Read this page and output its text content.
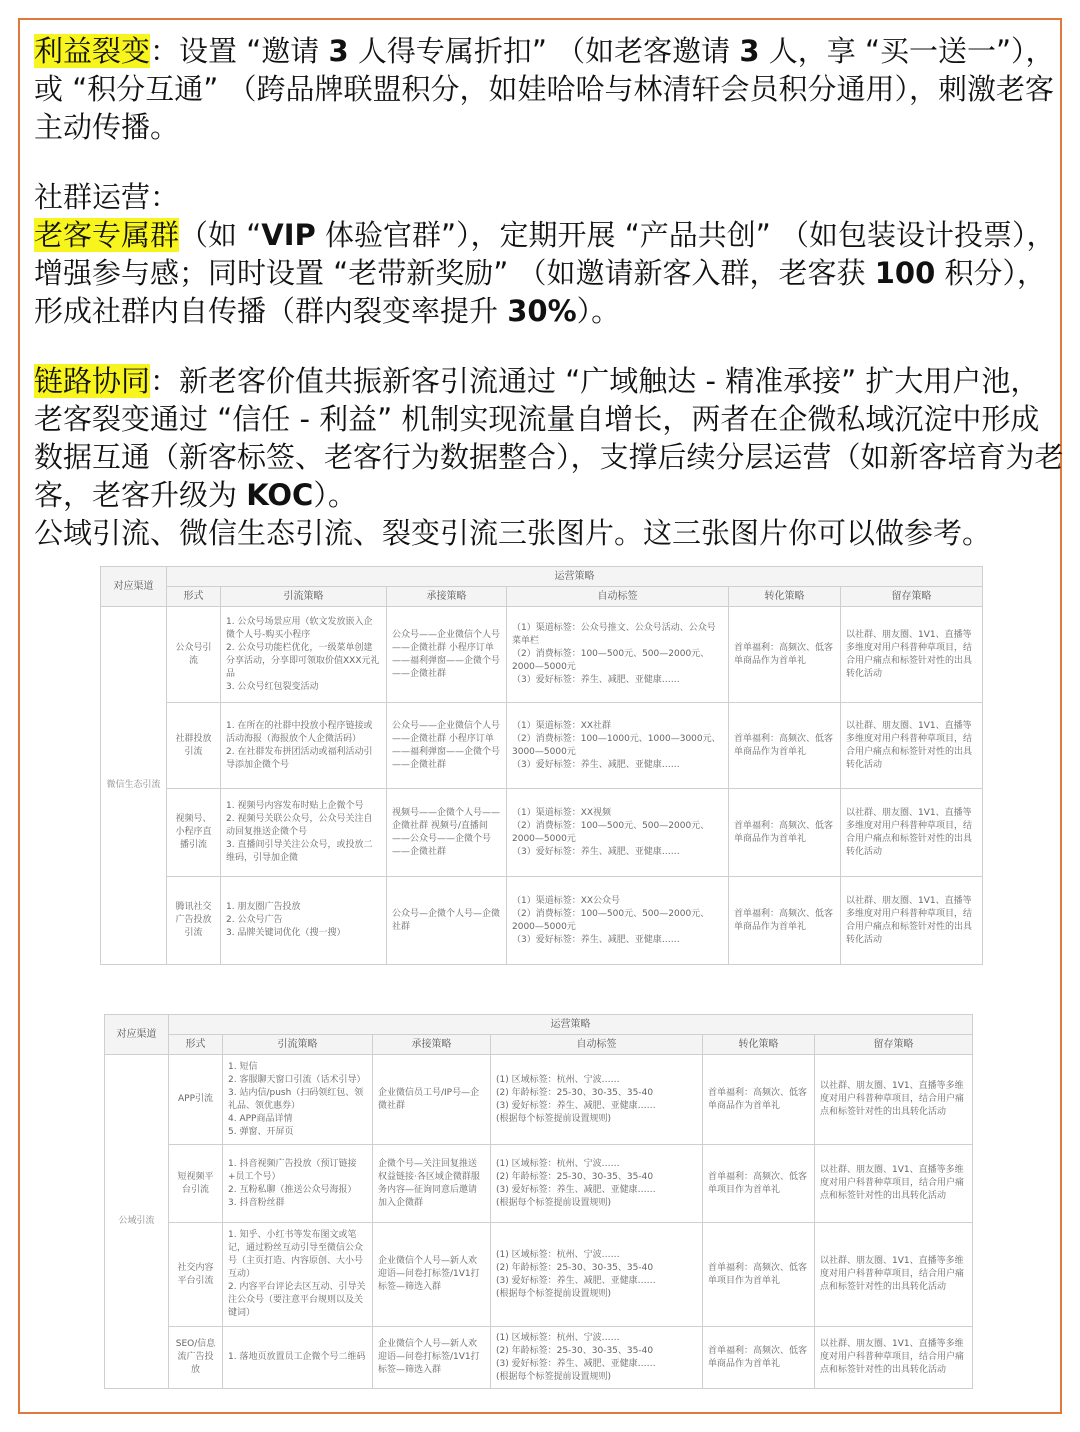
利益裂变：设置 “邀请 3 人得专属折扣” （如老客邀请 3 人，享 “买一送一”），或 “积分互通” （跨品牌联盟积分，如娃哈哈与林清轩会员积分通用），刺激老客主动传播。

社群运营：
老客专属群（如 “VIP 体验官群”），定期开展 “产品共创” （如包装设计投票），增强参与感；同时设置 “老带新奖励” （如邀请新客入群，老客获 100 积分），形成社群内自传播（群内裂变率提升 30%）。

链路协同：新老客价值共振新客引流通过 “广域触达 - 精准承接” 扩大用户池，老客裂变通过 “信任 - 利益” 机制实现流量自增长，两者在企微私域沉淀中形成数据互通（新客标签、老客行为数据整合），支撑后续分层运营（如新客培育为老客，老客升级为 KOC）。

公域引流、微信生态引流、裂变引流三张图片。这三张图片你可以做参考。

对应渠道	运营策略					
	形式	引流策略	承接策略	自动标签	转化策略	留存策略
微信生态引流	公众号引流	1. 公众号场景应用（软文发放嵌入企微个人号-购买小程序
2. 公众号功能栏优化，一级菜单创建分享活动，分享即可领取价值XXX元礼品
3. 公众号红包裂变活动	公众号——企业微信个人号——企微社群 小程序订单——福利弹窗——企微个号——企微社群	（1）渠道标签：公众号推文、公众号活动、公众号菜单栏
（2）消费标签：100—500元、500—2000元、2000—5000元
（3）爱好标签：养生、减肥、亚健康……	首单福利：高频次、低客单商品作为首单礼	以社群、朋友圈、1V1、直播等多维度对用户科普种草项目，结合用户痛点和标签针对性的出具转化活动
	社群投放引流	1. 在所在的社群中投放小程序链接或活动海报（海报放个人企微活码）
2. 在社群发布拼团活动或福利活动引导添加企微个号	公众号——企业微信个人号——企微社群 小程序订单——福利弹窗——企微个号——企微社群	（1）渠道标签：XX社群
（2）消费标签：100—1000元、1000—3000元、3000—5000元
（3）爱好标签：养生、减肥、亚健康……	首单福利：高频次、低客单商品作为首单礼	以社群、朋友圈、1V1、直播等多维度对用户科普种草项目，结合用户痛点和标签针对性的出具转化活动
	视频号、小程序直播引流	1. 视频号内容发布时贴上企微个号
2. 视频号关联公众号，公众号关注自动回复推送企微个号
3. 直播间引导关注公众号，或投放二维码，引导加企微	视频号——企微个人号——企微社群 视频号/直播间——公众号——企微个号——企微社群	（1）渠道标签：XX视频
（2）消费标签：100—500元、500—2000元、2000—5000元
（3）爱好标签：养生、减肥、亚健康……	首单福利：高频次、低客单商品作为首单礼	以社群、朋友圈、1V1、直播等多维度对用户科普种草项目，结合用户痛点和标签针对性的出具转化活动
	腾讯社交广告投放引流	1. 朋友圈广告投放
2. 公众号广告
3. 品牌关键词优化（搜一搜）	公众号—企微个人号—企微社群	（1）渠道标签：XX公众号
（2）消费标签：100—500元、500—2000元、2000—5000元
（3）爱好标签：养生、减肥、亚健康……	首单福利：高频次、低客单商品作为首单礼	以社群、朋友圈、1V1、直播等多维度对用户科普种草项目，结合用户痛点和标签针对性的出具转化活动
对应渠道	运营策略					
	形式	引流策略	承接策略	自动标签	转化策略	留存策略
公域引流	APP引流	1. 短信
2. 客服聊天窗口引流（话术引导）
3. 站内信/push（扫码领红包、领礼品、领优惠券）
4. APP商品详情
5. 弹窗、开屏页	企业微信员工号/IP号—企微社群	(1) 区域标签：杭州、宁波……
(2) 年龄标签：25-30、30-35、35-40
(3) 爱好标签：养生、减肥、亚健康……
(根据每个标签提前设置规则)	首单福利：高频次、低客单商品作为首单礼	以社群、朋友圈、1V1、直播等多维度对用户科普种草项目，结合用户痛点和标签针对性的出具转化活动
	短视频平台引流	1. 抖音视频广告投放（预订链接+员工个号）
2. 互粉私聊（推送公众号海报）
3. 抖音粉丝群	企微个号—关注回复推送权益链接·各区域企微群服务内容—征询同意后邀请加入企微群	(1) 区域标签：杭州、宁波……
(2) 年龄标签：25-30、30-35、35-40
(3) 爱好标签：养生、减肥、亚健康……
(根据每个标签提前设置规则)	首单福利：高频次、低客单项目作为首单礼	以社群、朋友圈、1V1、直播等多维度对用户科普种草项目，结合用户痛点和标签针对性的出具转化活动
	社交内容平台引流	1. 知乎、小红书等发布图文或笔记，通过粉丝互动引导至微信公众号（主页打造、内容原创、大小号互动）
2. 内容平台评论去区互动、引导关注公众号（要注意平台规则以及关键词）	企业微信个人号—新人欢迎语—问卷打标签/1V1打标签—筛选入群	(1) 区域标签：杭州、宁波……
(2) 年龄标签：25-30、30-35、35-40
(3) 爱好标签：养生、减肥、亚健康……
(根据每个标签提前设置规则)	首单福利：高频次、低客单项目作为首单礼	以社群、朋友圈、1V1、直播等多维度对用户科普种草项目，结合用户痛点和标签针对性的出具转化活动
	SEO/信息流广告投放	1. 落地页放置员工企微个号二维码	企业微信个人号—新人欢迎语—问卷打标签/1V1打标签—筛选入群	(1) 区域标签：杭州、宁波……
(2) 年龄标签：25-30、30-35、35-40
(3) 爱好标签：养生、减肥、亚健康……
(根据每个标签提前设置规则)	首单福利：高频次、低客单商品作为首单礼	以社群、朋友圈、1V1、直播等多维度对用户科普种草项目，结合用户痛点和标签针对性的出具转化活动
